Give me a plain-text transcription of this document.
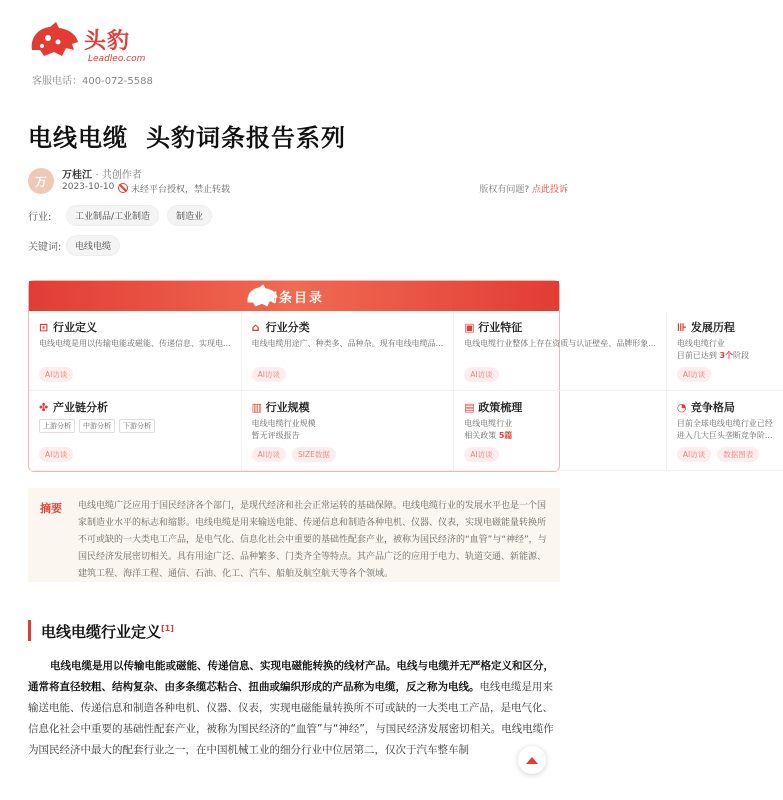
头豹
Leadleo.com
客服电话：400-072-5588
电线电缆 头豹词条报告系列
万	万桂江 · 共创作者
2023-10-10	未经平台授权，禁止转载	版权有问题? 点此投诉
行业:	工业制品/工业制造	制造业
关键词:	电线电缆
词条目录
⊡ 行业定义
电线电缆是用以传输电能或磁能、传递信息、实现电...
AI访谈
⌂ 行业分类
电线电缆用途广、种类多、品种杂。现有电线电缆品...
AI访谈
▣ 行业特征
电线电缆行业整体上存在资质与认证壁垒、品牌形象...
AI访谈
⊪ 发展历程
电线电缆行业
目前已达到 3个阶段
AI访谈
✤ 产业链分析
上游分析	中游分析	下游分析
AI访谈
▥ 行业规模
电线电缆行业规模
暂无评级报告
AI访谈	SIZE数据
▤ 政策梳理
电线电缆行业
相关政策 5篇
AI访谈
◔ 竞争格局
目前全球电线电缆行业已经
进入几大巨头垄断竞争阶...
AI访谈	数据图表
摘要	电线电缆广泛应用于国民经济各个部门，是现代经济和社会正常运转的基础保障。电线电缆行业的发展水平也是一个国家制造业水平的标志和缩影。电线电缆是用来输送电能、传递信息和制造各种电机、仪器、仪表，实现电磁能量转换所不可或缺的一大类电工产品，是电气化、信息化社会中重要的基础性配套产业，被称为国民经济的“血管”与“神经”，与国民经济发展密切相关。具有用途广泛、品种繁多、门类齐全等特点。其产品广泛的应用于电力、轨道交通、新能源、建筑工程、海洋工程、通信、石油、化工、汽车、船舶及航空航天等各个领域。
电线电缆行业定义[1]
电线电缆是用以传输电能或磁能、传递信息、实现电磁能转换的线材产品。电线与电缆并无严格定义和区分，通常将直径较粗、结构复杂、由多条缆芯粘合、扭曲或编织形成的产品称为电缆，反之称为电线。电线电缆是用来输送电能、传递信息和制造各种电机、仪器、仪表，实现电磁能量转换所不可或缺的一大类电工产品，是电气化、信息化社会中重要的基础性配套产业，被称为国民经济的“血管”与“神经”，与国民经济发展密切相关。电线电缆作为国民经济中最大的配套行业之一，在中国机械工业的细分行业中位居第二，仅次于汽车整车制
